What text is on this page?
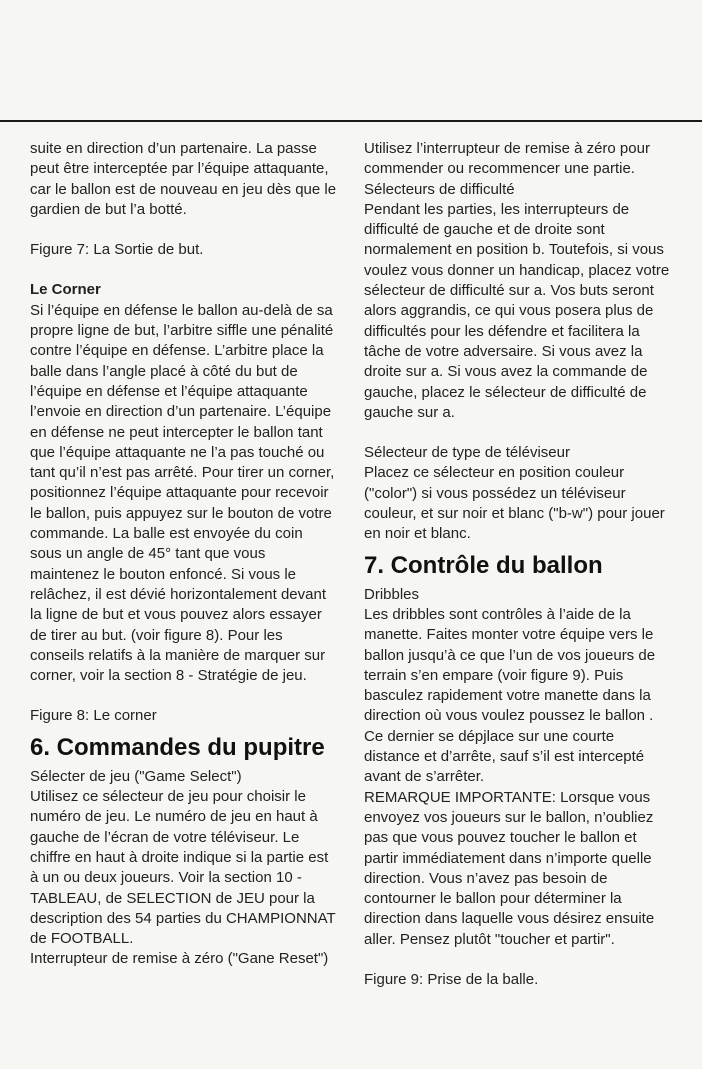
suite en direction d’un partenaire. La passe peut être interceptée par l’équipe attaquante, car le ballon est de nouveau en jeu dès que le gardien de but l’a botté.

Figure 7: La Sortie de but.

Le Corner

Si l’équipe en défense le ballon au-delà de sa propre ligne de but, l’arbitre siffle une pénalité contre l’équipe en défense. L’arbitre place la balle dans l’angle placé à côté du but de l’équipe en défense et l’équipe attaquante l’envoie en direction d’un partenaire. L’équipe en défense ne peut intercepter le ballon tant que l’équipe attaquante ne l’a pas touché ou tant qu’il n’est pas arrêté. Pour tirer un corner, positionnez l’équipe attaquante pour recevoir le ballon, puis appuyez sur le bouton de votre commande. La balle est envoyée du coin sous un angle de 45° tant que vous maintenez le bouton enfoncé. Si vous le relâchez, il est dévié horizontalement devant la ligne de but et vous pouvez alors essayer de tirer au but. (voir figure 8). Pour les conseils relatifs à la manière de marquer sur corner, voir la section 8 - Stratégie de jeu.

Figure 8: Le corner

6. Commandes du pupitre

Sélecter de jeu ("Game Select")

Utilisez ce sélecteur de jeu pour choisir le numéro de jeu. Le numéro de jeu en haut à gauche de l’écran de votre téléviseur. Le chiffre en haut à droite indique si la partie est à un ou deux joueurs. Voir la section 10 - TABLEAU, de SELECTION de JEU pour la description des 54 parties du CHAMPIONNAT de FOOTBALL.

Interrupteur de remise à zéro ("Gane Reset")

Utilisez l’interrupteur de remise à zéro pour commender ou recommencer une partie.

Sélecteurs de difficulté

Pendant les parties, les interrupteurs de difficulté de gauche et de droite sont normalement en position b. Toutefois, si vous voulez vous donner un handicap, placez votre sélecteur de difficulté sur a. Vos buts seront alors aggrandis, ce qui vous posera plus de difficultés pour les défendre et facilitera la tâche de votre adversaire. Si vous avez la droite sur a. Si vous avez la commande de gauche, placez le sélecteur de difficulté de gauche sur a.

Sélecteur de type de téléviseur

Placez ce sélecteur en position couleur ("color") si vous possédez un téléviseur couleur, et sur noir et blanc ("b-w") pour jouer en noir et blanc.

7. Contrôle du ballon

Dribbles

Les dribbles sont contrôles à l’aide de la manette. Faites monter votre équipe vers le ballon jusqu’à ce que l’un de vos joueurs de terrain s’en empare (voir figure 9). Puis basculez rapidement votre manette dans la direction où vous voulez poussez le ballon . Ce dernier se dépjlace sur une courte distance et d’arrête, sauf s’il est intercepté avant de s’arrêter.

REMARQUE IMPORTANTE: Lorsque vous envoyez vos joueurs sur le ballon, n’oubliez pas que vous pouvez toucher le ballon et partir immédiatement dans n’importe quelle direction. Vous n’avez pas besoin de contourner le ballon pour déterminer la direction dans laquelle vous désirez ensuite aller. Pensez plutôt "toucher et partir".

Figure 9: Prise de la balle.
